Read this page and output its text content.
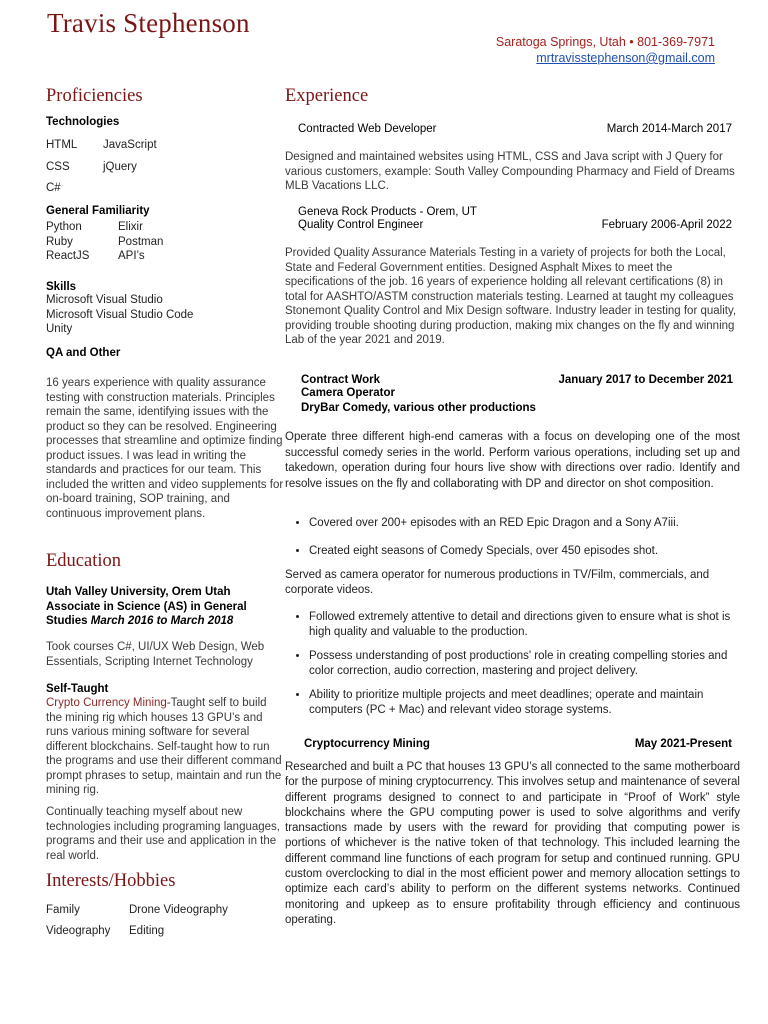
Travis Stephenson
Saratoga Springs, Utah • 801-369-7971
mrtravisstephenson@gmail.com
Proficiencies
Technologies
HTML	JavaScript
CSS	jQuery
C#
General Familiarity
Python	Elixir
Ruby	Postman
ReactJS	API’s
Skills
Microsoft Visual Studio
Microsoft Visual Studio Code
Unity
QA and Other
16 years experience with quality assurance testing with construction materials. Principles remain the same, identifying issues with the product so they can be resolved. Engineering processes that streamline and optimize finding product issues. I was lead in writing the standards and practices for our team. This included the written and video supplements for on-board training, SOP training, and continuous improvement plans.
Education
Utah Valley University, Orem Utah Associate in Science (AS) in General Studies March 2016 to March 2018
Took courses C#, UI/UX Web Design, Web Essentials, Scripting Internet Technology
Self-Taught
Crypto Currency Mining-Taught self to build the mining rig which houses 13 GPU’s and runs various mining software for several different blockchains. Self-taught how to run the programs and use their different command prompt phrases to setup, maintain and run the mining rig.
Continually teaching myself about new technologies including programing languages, programs and their use and application in the real world.
Interests/Hobbies
Family	Drone Videography
Videography	Editing
Experience
Contracted Web Developer	March 2014-March 2017
Designed and maintained websites using HTML, CSS and Java script with J Query for various customers, example: South Valley Compounding Pharmacy and Field of Dreams MLB Vacations LLC.
Geneva Rock Products - Orem, UT
Quality Control Engineer	February 2006-April 2022
Provided Quality Assurance Materials Testing in a variety of projects for both the Local, State and Federal Government entities. Designed Asphalt Mixes to meet the specifications of the job. 16 years of experience holding all relevant certifications (8) in total for AASHTO/ASTM construction materials testing. Learned at taught my colleagues Stonemont Quality Control and Mix Design software. Industry leader in testing for quality, providing trouble shooting during production, making mix changes on the fly and winning Lab of the year 2021 and 2019.
Contract Work	January 2017 to December 2021
Camera Operator
DryBar Comedy, various other productions
Operate three different high-end cameras with a focus on developing one of the most successful comedy series in the world. Perform various operations, including set up and takedown, operation during four hours live show with directions over radio. Identify and resolve issues on the fly and collaborating with DP and director on shot composition.
• Covered over 200+ episodes with an RED Epic Dragon and a Sony A7iii.
• Created eight seasons of Comedy Specials, over 450 episodes shot.
Served as camera operator for numerous productions in TV/Film, commercials, and corporate videos.
• Followed extremely attentive to detail and directions given to ensure what is shot is high quality and valuable to the production.
• Possess understanding of post productions' role in creating compelling stories and color correction, audio correction, mastering and project delivery.
• Ability to prioritize multiple projects and meet deadlines; operate and maintain computers (PC + Mac) and relevant video storage systems.
Cryptocurrency Mining	May 2021-Present
Researched and built a PC that houses 13 GPU’s all connected to the same motherboard for the purpose of mining cryptocurrency. This involves setup and maintenance of several different programs designed to connect to and participate in “Proof of Work” style blockchains where the GPU computing power is used to solve algorithms and verify transactions made by users with the reward for providing that computing power is portions of whichever is the native token of that technology. This included learning the different command line functions of each program for setup and continued running. GPU custom overclocking to dial in the most efficient power and memory allocation settings to optimize each card’s ability to perform on the different systems networks. Continued monitoring and upkeep as to ensure profitability through efficiency and continuous operating.
